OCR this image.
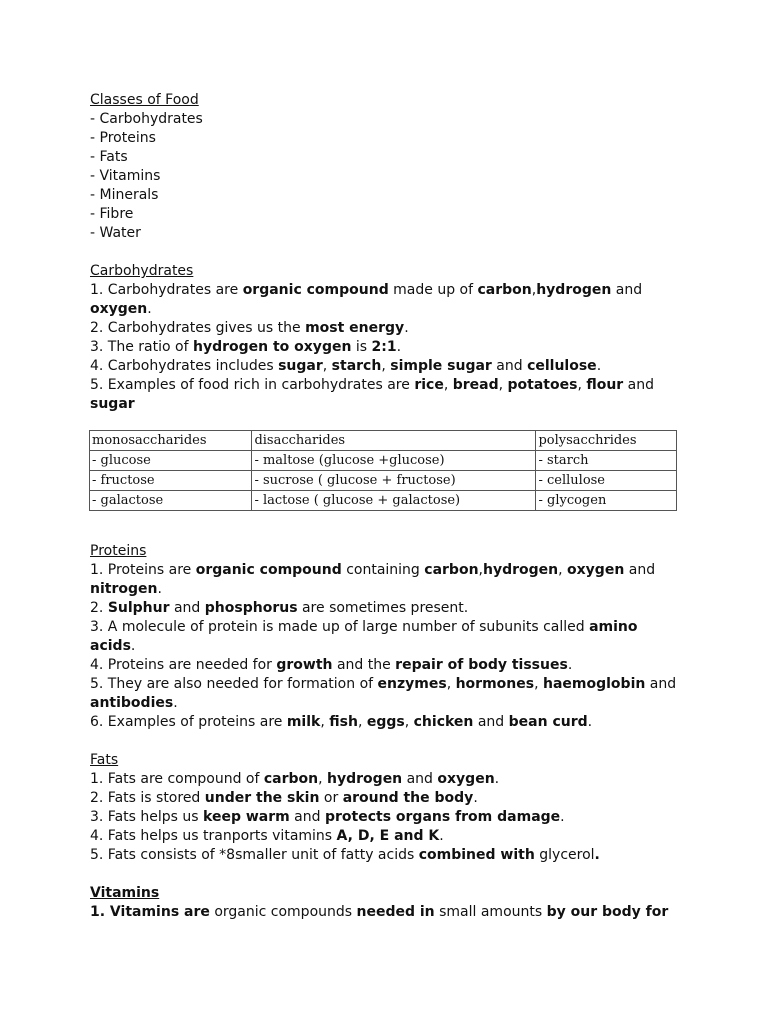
Classes of Food

- Carbohydrates

- Proteins

- Fats

- Vitamins

- Minerals

- Fibre

- Water

Carbohydrates

1. Carbohydrates are organic compound made up of carbon,hydrogen and

oxygen.

2. Carbohydrates gives us the most energy.

3. The ratio of hydrogen to oxygen is 2:1.

4. Carbohydrates includes sugar, starch, simple sugar and cellulose.

5. Examples of food rich in carbohydrates are rice, bread, potatoes, flour and

sugar

monosaccharides	disaccharides	polysacchrides
- glucose	- maltose (glucose +glucose)	- starch
- fructose	- sucrose ( glucose + fructose)	- cellulose
- galactose	- lactose ( glucose + galactose)	- glycogen

Proteins

1. Proteins are organic compound containing carbon,hydrogen, oxygen and

nitrogen.

2. Sulphur and phosphorus are sometimes present.

3. A molecule of protein is made up of large number of subunits called amino

acids.

4. Proteins are needed for growth and the repair of body tissues.

5. They are also needed for formation of enzymes, hormones, haemoglobin and

antibodies.

6. Examples of proteins are milk, fish, eggs, chicken and bean curd.

Fats

1. Fats are compound of carbon, hydrogen and oxygen.

2. Fats is stored under the skin or around the body.

3. Fats helps us keep warm and protects organs from damage.

4. Fats helps us tranports vitamins A, D, E and K.

5. Fats consists of *8smaller unit of fatty acids combined with glycerol.

Vitamins

1. Vitamins are organic compounds needed in small amounts by our body for
